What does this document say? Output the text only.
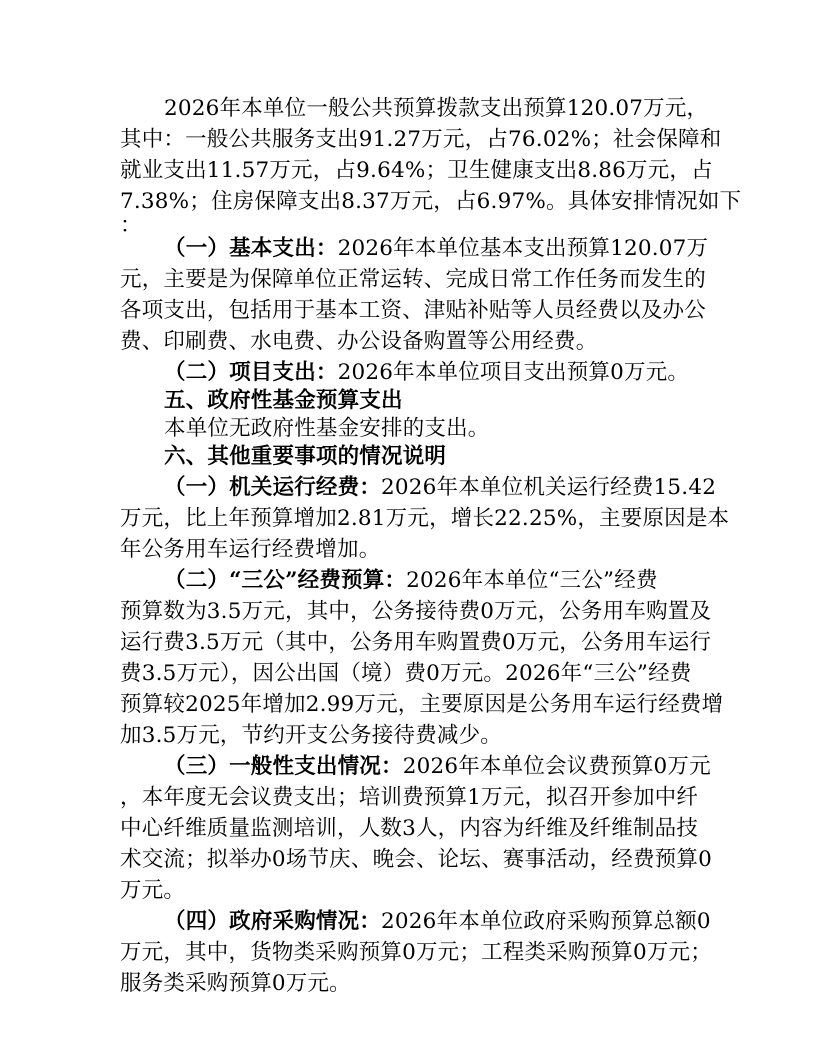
2026年本单位一般公共预算拨款支出预算120.07万元，
其中：一般公共服务支出91.27万元，占76.02%；社会保障和
就业支出11.57万元，占9.64%；卫生健康支出8.86万元，占
7.38%；住房保障支出8.37万元，占6.97%。具体安排情况如下
：
（一）基本支出：2026年本单位基本支出预算120.07万
元，主要是为保障单位正常运转、完成日常工作任务而发生的
各项支出，包括用于基本工资、津贴补贴等人员经费以及办公
费、印刷费、水电费、办公设备购置等公用经费。
（二）项目支出：2026年本单位项目支出预算0万元。
五、政府性基金预算支出
本单位无政府性基金安排的支出。
六、其他重要事项的情况说明
（一）机关运行经费：2026年本单位机关运行经费15.42
万元，比上年预算增加2.81万元，增长22.25%，主要原因是本
年公务用车运行经费增加。
（二）“三公”经费预算：2026年本单位“三公”经费
预算数为3.5万元，其中，公务接待费0万元，公务用车购置及
运行费3.5万元（其中，公务用车购置费0万元，公务用车运行
费3.5万元），因公出国（境）费0万元。2026年“三公”经费
预算较2025年增加2.99万元，主要原因是公务用车运行经费增
加3.5万元，节约开支公务接待费减少。
（三）一般性支出情况：2026年本单位会议费预算0万元
，本年度无会议费支出；培训费预算1万元，拟召开参加中纤
中心纤维质量监测培训，人数3人，内容为纤维及纤维制品技
术交流；拟举办0场节庆、晚会、论坛、赛事活动，经费预算0
万元。
（四）政府采购情况：2026年本单位政府采购预算总额0
万元，其中，货物类采购预算0万元；工程类采购预算0万元；
服务类采购预算0万元。
